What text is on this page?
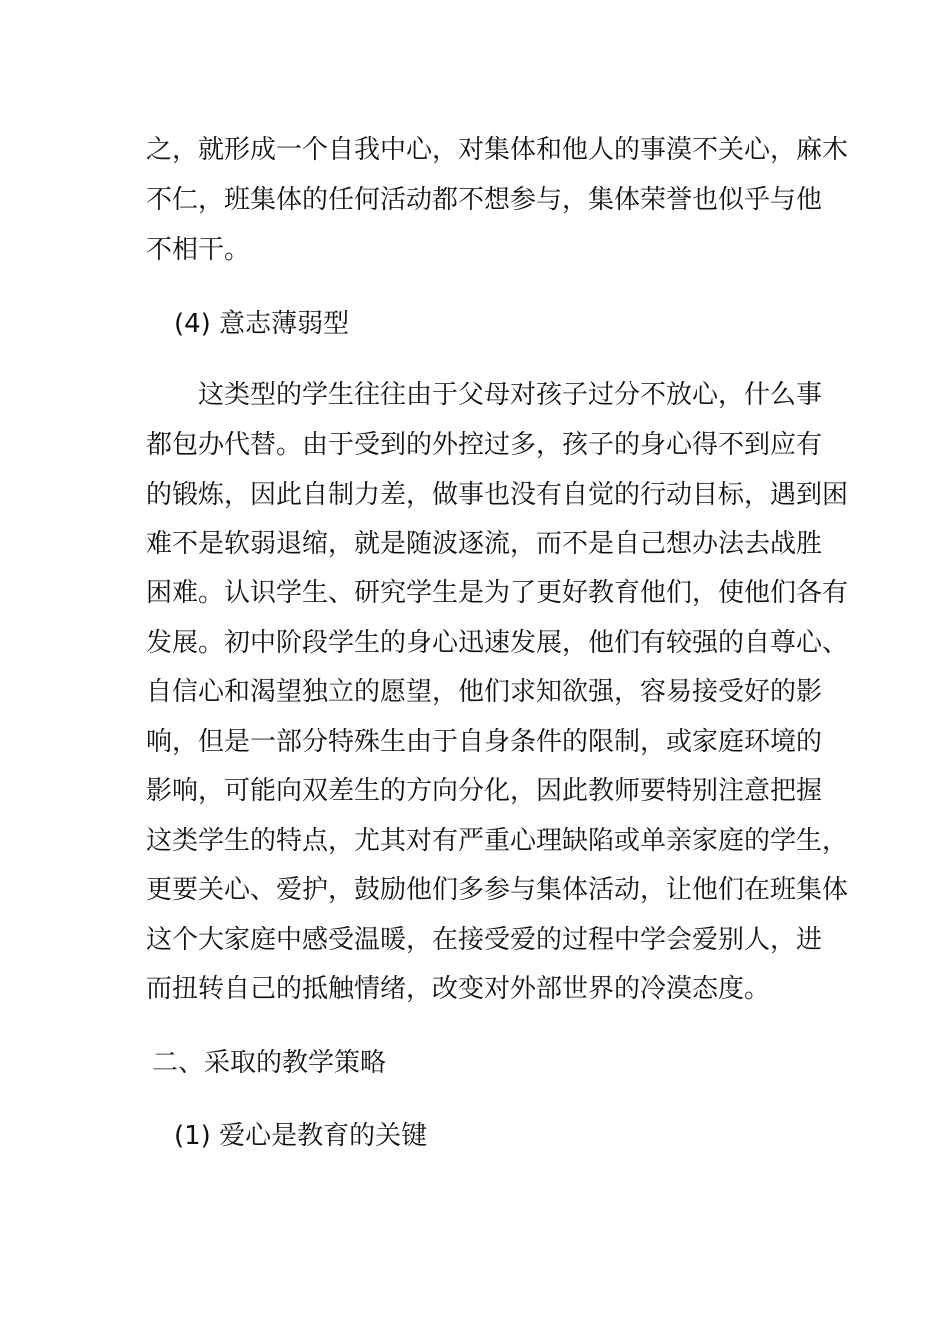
之，就形成一个自我中心，对集体和他人的事漠不关心，麻木
不仁，班集体的任何活动都不想参与，集体荣誉也似乎与他
不相干。
(4) 意志薄弱型
这类型的学生往往由于父母对孩子过分不放心，什么事
都包办代替。由于受到的外控过多，孩子的身心得不到应有
的锻炼，因此自制力差，做事也没有自觉的行动目标，遇到困
难不是软弱退缩，就是随波逐流，而不是自己想办法去战胜
困难。认识学生、研究学生是为了更好教育他们，使他们各有
发展。初中阶段学生的身心迅速发展，他们有较强的自尊心、
自信心和渴望独立的愿望，他们求知欲强，容易接受好的影
响，但是一部分特殊生由于自身条件的限制，或家庭环境的
影响，可能向双差生的方向分化，因此教师要特别注意把握
这类学生的特点，尤其对有严重心理缺陷或单亲家庭的学生，
更要关心、爱护，鼓励他们多参与集体活动，让他们在班集体
这个大家庭中感受温暖，在接受爱的过程中学会爱别人，进
而扭转自己的抵触情绪，改变对外部世界的冷漠态度。
二、采取的教学策略
(1) 爱心是教育的关键
